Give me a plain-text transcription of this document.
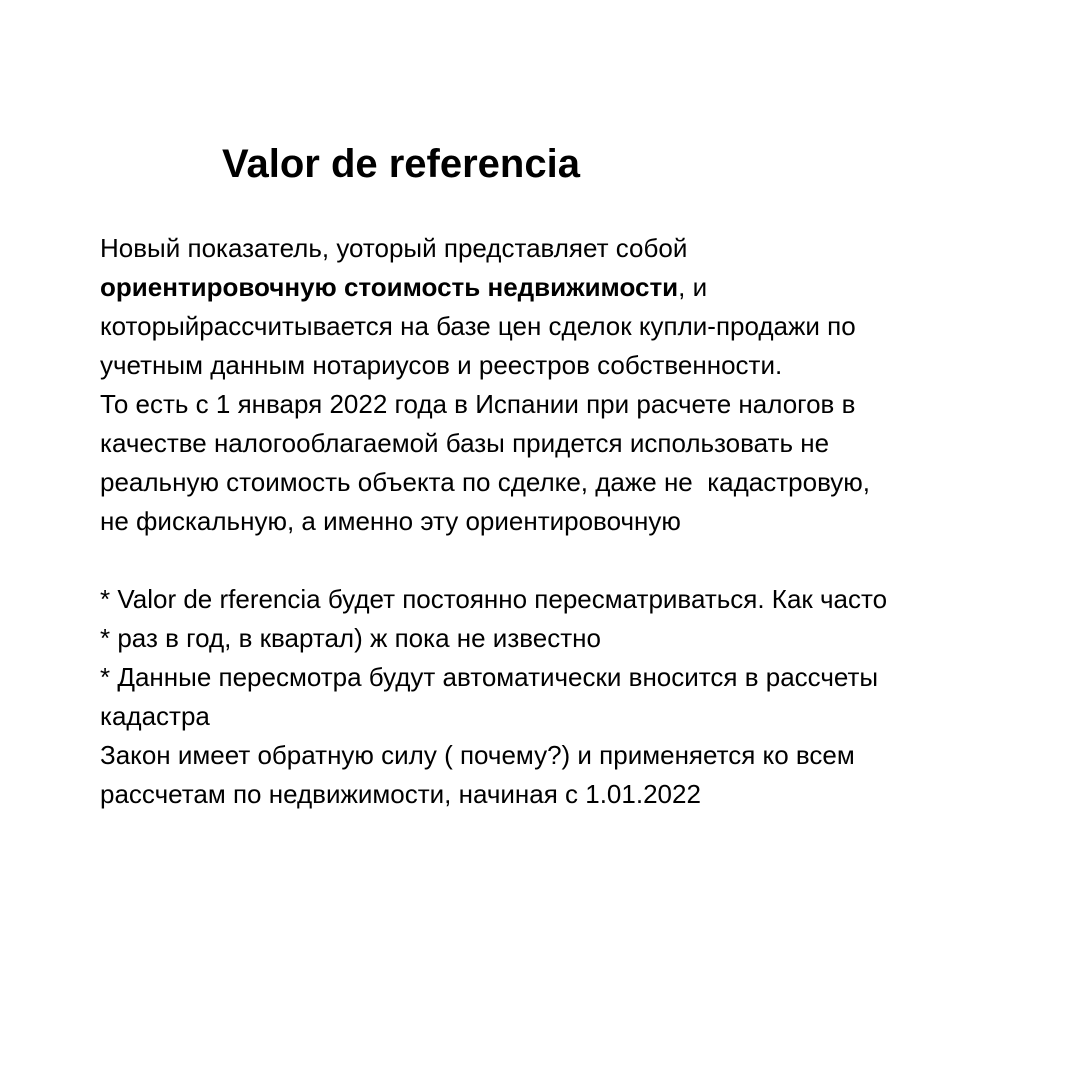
Valor de referencia
Новый показатель, уоторый представляет собой
ориентировочную стоимость недвижимости, и
которыйрассчитывается на базе цен сделок купли-продажи по
учетным данным нотариусов и реестров собственности.
То есть с 1 января 2022 года в Испании при расчете налогов в
качестве налогооблагаемой базы придется использовать не
реальную стоимость объекта по сделке, даже не  кадастровую,
не фискальную, а именно эту ориентировочную
* Valor de rferencia будет постоянно пересматриваться. Как часто
* раз в год, в квартал) ж пока не известно
* Данные пересмотра будут автоматически вносится в рассчеты
кадастра
Закон имеет обратную силу ( почему?) и применяется ко всем
рассчетам по недвижимости, начиная с 1.01.2022
